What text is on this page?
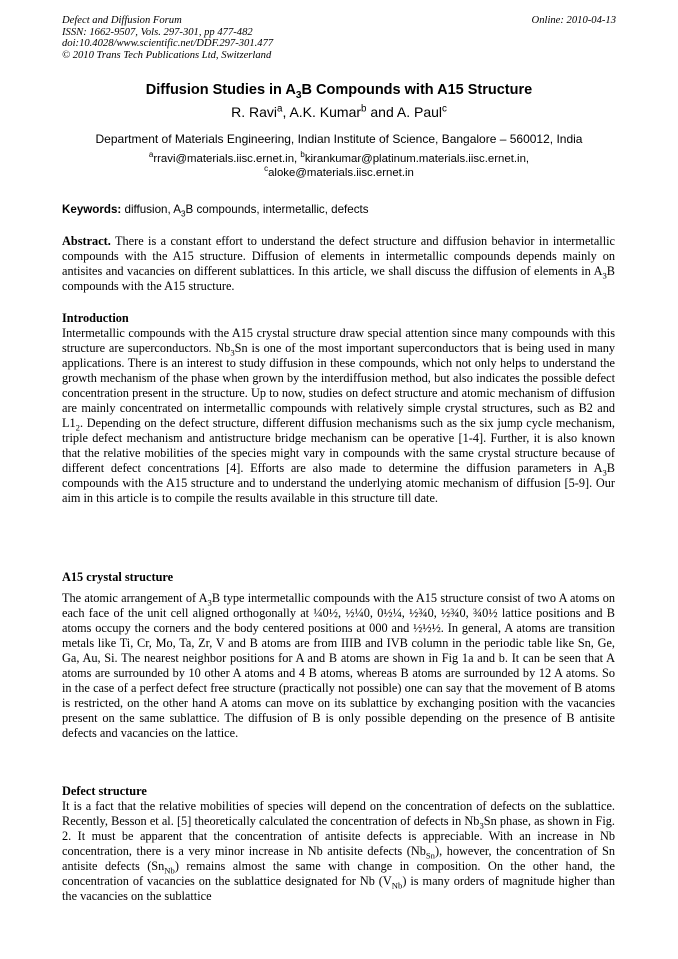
Defect and Diffusion Forum
ISSN: 1662-9507, Vols. 297-301, pp 477-482
doi:10.4028/www.scientific.net/DDF.297-301.477
© 2010 Trans Tech Publications Ltd, Switzerland
Online: 2010-04-13
Diffusion Studies in $A_3B$ Compounds with A15 Structure
R. Ravi$^a$, A.K. Kumar$^b$ and A. Paul$^c$
Department of Materials Engineering, Indian Institute of Science, Bangalore – 560012, India
$^a$rravi@materials.iisc.ernet.in, $^b$kirankumar@platinum.materials.iisc.ernet.in,
$^c$aloke@materials.iisc.ernet.in
Keywords: diffusion, $A_3B$ compounds, intermetallic, defects

Abstract. There is a constant effort to understand the defect structure and diffusion behavior in intermetallic compounds with the A15 structure. Diffusion of elements in intermetallic compounds depends mainly on antisites and vacancies on different sublattices. In this article, we shall discuss the diffusion of elements in $A_3B$ compounds with the A15 structure.

Introduction

Intermetallic compounds with the A15 crystal structure draw special attention since many compounds with this structure are superconductors. $Nb_3Sn$ is one of the most important superconductors that is being used in many applications. There is an interest to study diffusion in these compounds, which not only helps to understand the growth mechanism of the phase when grown by the interdiffusion method, but also indicates the possible defect concentration present in the structure. Up to now, studies on defect structure and atomic mechanism of diffusion are mainly concentrated on intermetallic compounds with relatively simple crystal structures, such as B2 and $L1_2$. Depending on the defect structure, different diffusion mechanisms such as the six jump cycle mechanism, triple defect mechanism and antistructure bridge mechanism can be operative [1-4]. Further, it is also known that the relative mobilities of the species might vary in compounds with the same crystal structure because of different defect concentrations [4]. Efforts are also made to determine the diffusion parameters in $A_3B$ compounds with the A15 structure and to understand the underlying atomic mechanism of diffusion [5-9]. Our aim in this article is to compile the results available in this structure till date.

A15 crystal structure

The atomic arrangement of $A_3B$ type intermetallic compounds with the A15 structure consist of two A atoms on each face of the unit cell aligned orthogonally at ¼0½, ½¼0, 0½¼, ½¾0, ½¾0, ¾0½ lattice positions and B atoms occupy the corners and the body centered positions at 000 and ½½½. In general, A atoms are transition metals like Ti, Cr, Mo, Ta, Zr, V and B atoms are from IIIB and IVB column in the periodic table like Sn, Ge, Ga, Au, Si. The nearest neighbor positions for A and B atoms are shown in Fig 1a and b. It can be seen that A atoms are surrounded by 10 other A atoms and 4 B atoms, whereas B atoms are surrounded by 12 A atoms. So in the case of a perfect defect free structure (practically not possible) one can say that the movement of B atoms is restricted, on the other hand A atoms can move on its sublattice by exchanging position with the vacancies present on the same sublattice. The diffusion of B is only possible depending on the presence of B antisite defects and vacancies on the lattice.

Defect structure

It is a fact that the relative mobilities of species will depend on the concentration of defects on the sublattice. Recently, Besson et al. [5] theoretically calculated the concentration of defects in $Nb_3Sn$ phase, as shown in Fig. 2. It must be apparent that the concentration of antisite defects is appreciable. With an increase in Nb concentration, there is a very minor increase in Nb antisite defects $(Nb_{Sn})$, however, the concentration of Sn antisite defects $(Sn_{Nb})$ remains almost the same with change in composition. On the other hand, the concentration of vacancies on the sublattice designated for Nb $(V_{Nb})$ is many orders of magnitude higher than the vacancies on the sublattice
